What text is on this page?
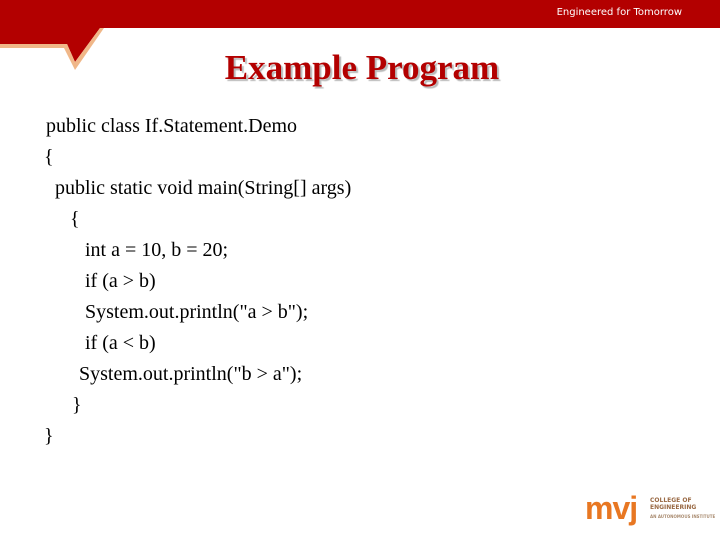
Engineered for Tomorrow
Example Program
public class If.Statement.Demo
{
public static void main(String[] args)
{
int a = 10, b = 20;
if (a > b)
System.out.println("a > b");
if (a < b)
System.out.println("b > a");
}
}
mvj COLLEGE OF
ENGINEERING
AN AUTONOMOUS INSTITUTE
